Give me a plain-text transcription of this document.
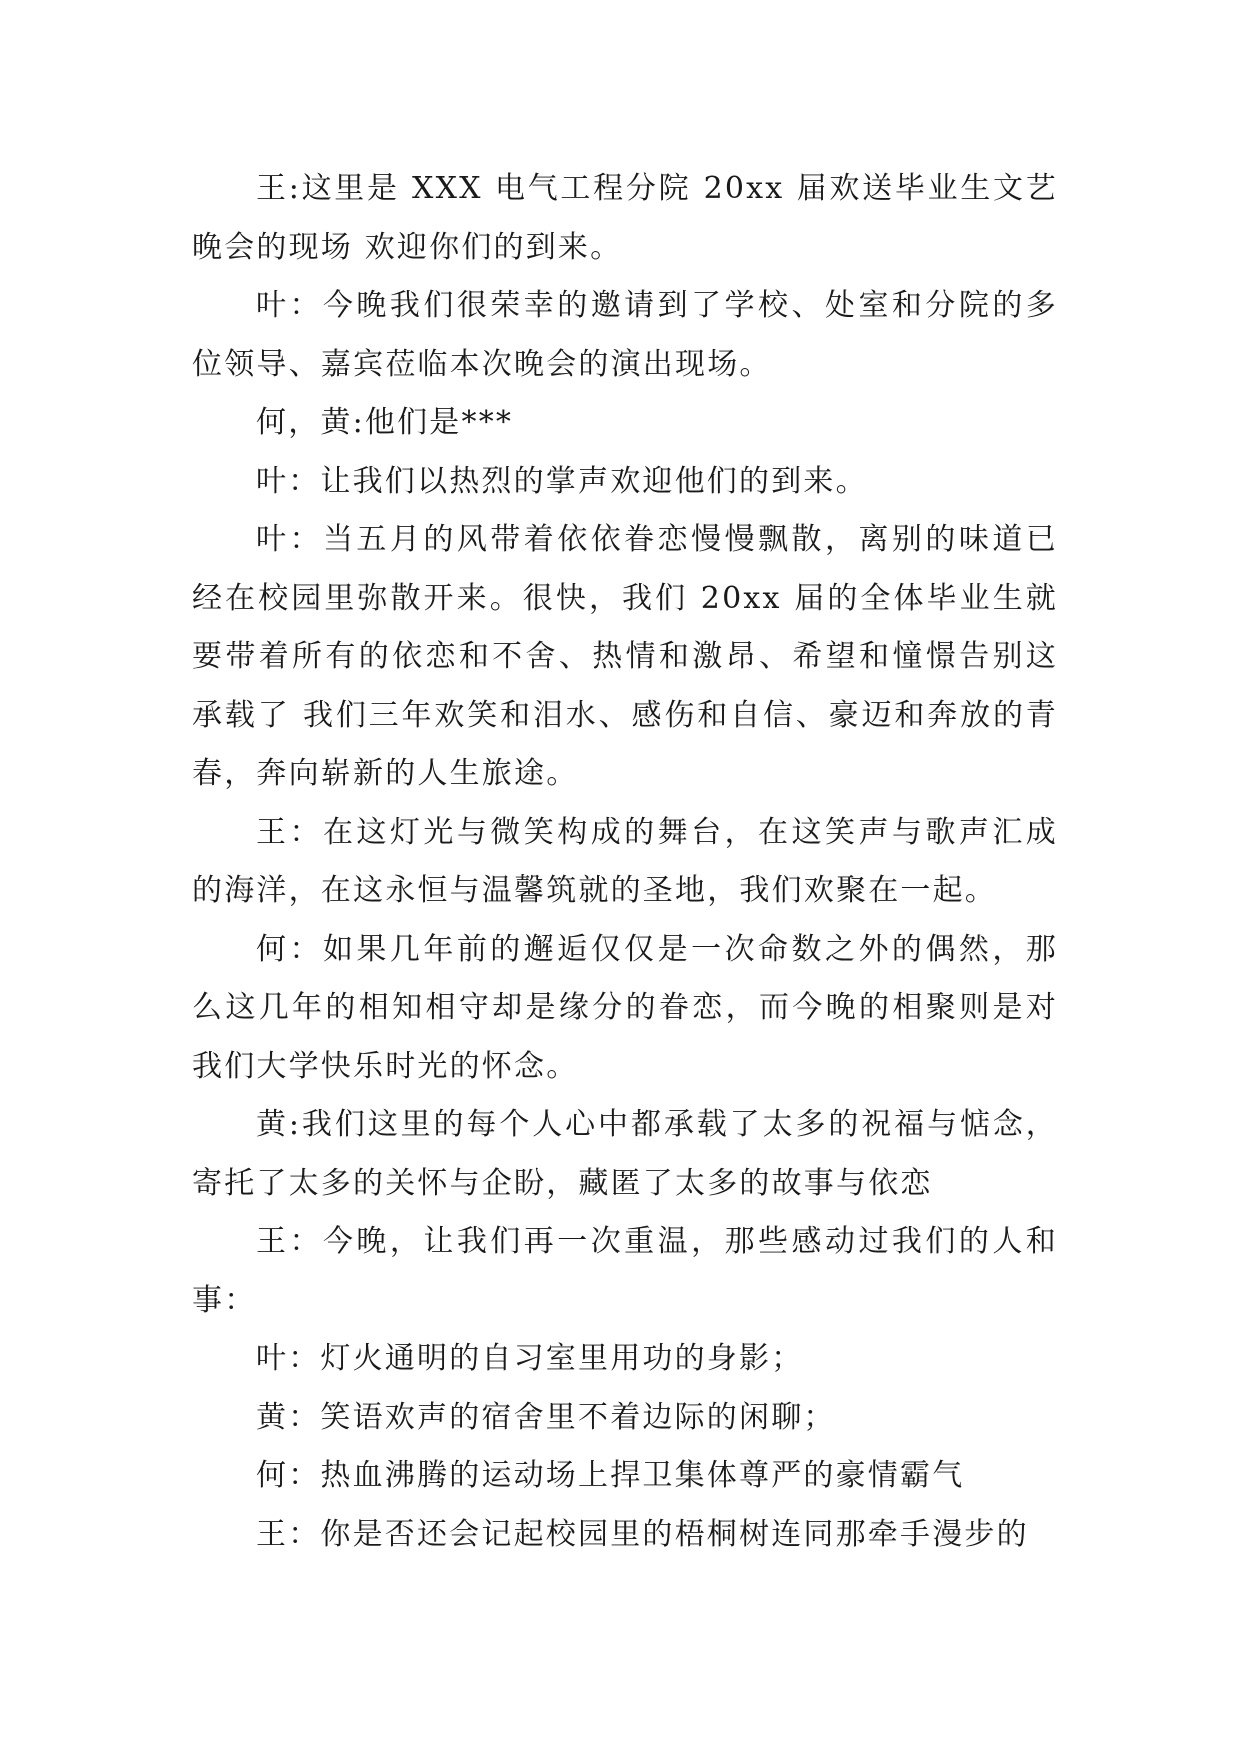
王:这里是 XXX 电气工程分院 20xx 届欢送毕业生文艺晚会的现场 欢迎你们的到来。

叶：今晚我们很荣幸的邀请到了学校、处室和分院的多位领导、嘉宾莅临本次晚会的演出现场。

何，黄:他们是***

叶：让我们以热烈的掌声欢迎他们的到来。

叶：当五月的风带着依依眷恋慢慢飘散，离别的味道已经在校园里弥散开来。很快，我们 20xx 届的全体毕业生就要带着所有的依恋和不舍、热情和激昂、希望和憧憬告别这承载了 我们三年欢笑和泪水、感伤和自信、豪迈和奔放的青春，奔向崭新的人生旅途。

王：在这灯光与微笑构成的舞台，在这笑声与歌声汇成的海洋，在这永恒与温馨筑就的圣地，我们欢聚在一起。

何：如果几年前的邂逅仅仅是一次命数之外的偶然，那么这几年的相知相守却是缘分的眷恋，而今晚的相聚则是对我们大学快乐时光的怀念。

黄:我们这里的每个人心中都承载了太多的祝福与惦念，寄托了太多的关怀与企盼，藏匿了太多的故事与依恋

王：今晚，让我们再一次重温，那些感动过我们的人和事：

叶：灯火通明的自习室里用功的身影；

黄：笑语欢声的宿舍里不着边际的闲聊；

何：热血沸腾的运动场上捍卫集体尊严的豪情霸气

王：你是否还会记起校园里的梧桐树连同那牵手漫步的
